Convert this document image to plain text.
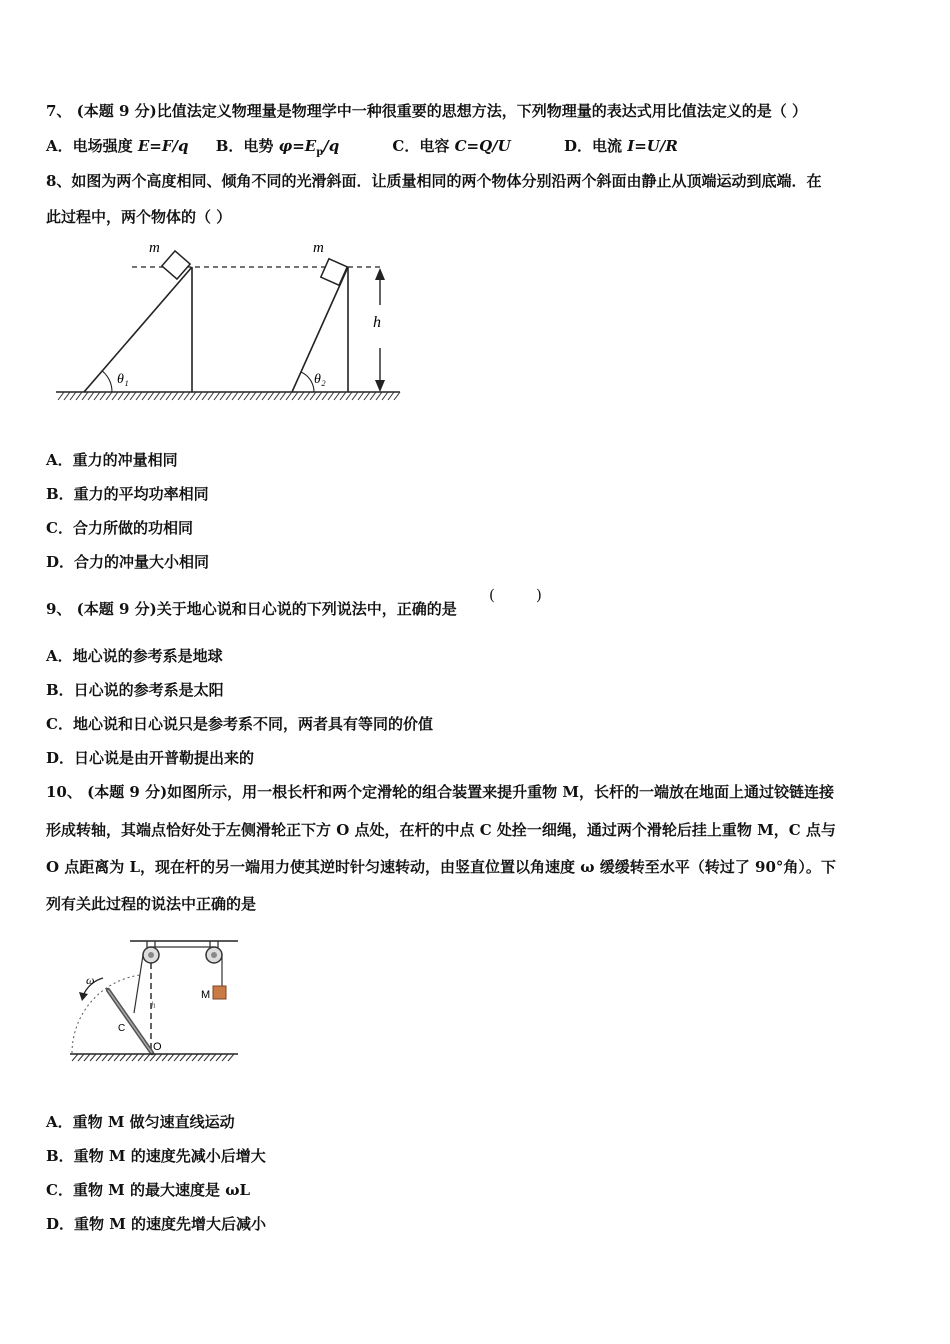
7、 (本题 9 分)比值法定义物理量是物理学中一种很重要的思想方法，下列物理量的表达式用比值法定义的是（ ）
A．电场强度 E=F/q B．电势 $\varphi=E_p/q$	C．电容 C=Q/U	D．电流 I=U/R
8、如图为两个高度相同、倾角不同的光滑斜面．让质量相同的两个物体分别沿两个斜面由静止从顶端运动到底端．在
此过程中，两个物体的（ ）
m
θ₁
m
θ₂
h
A．重力的冲量相同
B．重力的平均功率相同
C．合力所做的功相同
D．合力的冲量大小相同
9、 (本题 9 分)关于地心说和日心说的下列说法中，正确的是
(	)
A．地心说的参考系是地球
B．日心说的参考系是太阳
C．地心说和日心说只是参考系不同，两者具有等同的价值
D．日心说是由开普勒提出来的
10、 (本题 9 分)如图所示，用一根长杆和两个定滑轮的组合装置来提升重物 M，长杆的一端放在地面上通过铰链连接
形成转轴，其端点恰好处于左侧滑轮正下方 O 点处，在杆的中点 C 处拴一细绳，通过两个滑轮后挂上重物 M，C 点与
O 点距离为 L，现在杆的另一端用力使其逆时针匀速转动，由竖直位置以角速度 ω 缓缓转至水平（转过了 90°角）。下
列有关此过程的说法中正确的是
M
h
ω
C
O
A．重物 M 做匀速直线运动
B．重物 M 的速度先减小后增大
C．重物 M 的最大速度是 ωL
D．重物 M 的速度先增大后减小
